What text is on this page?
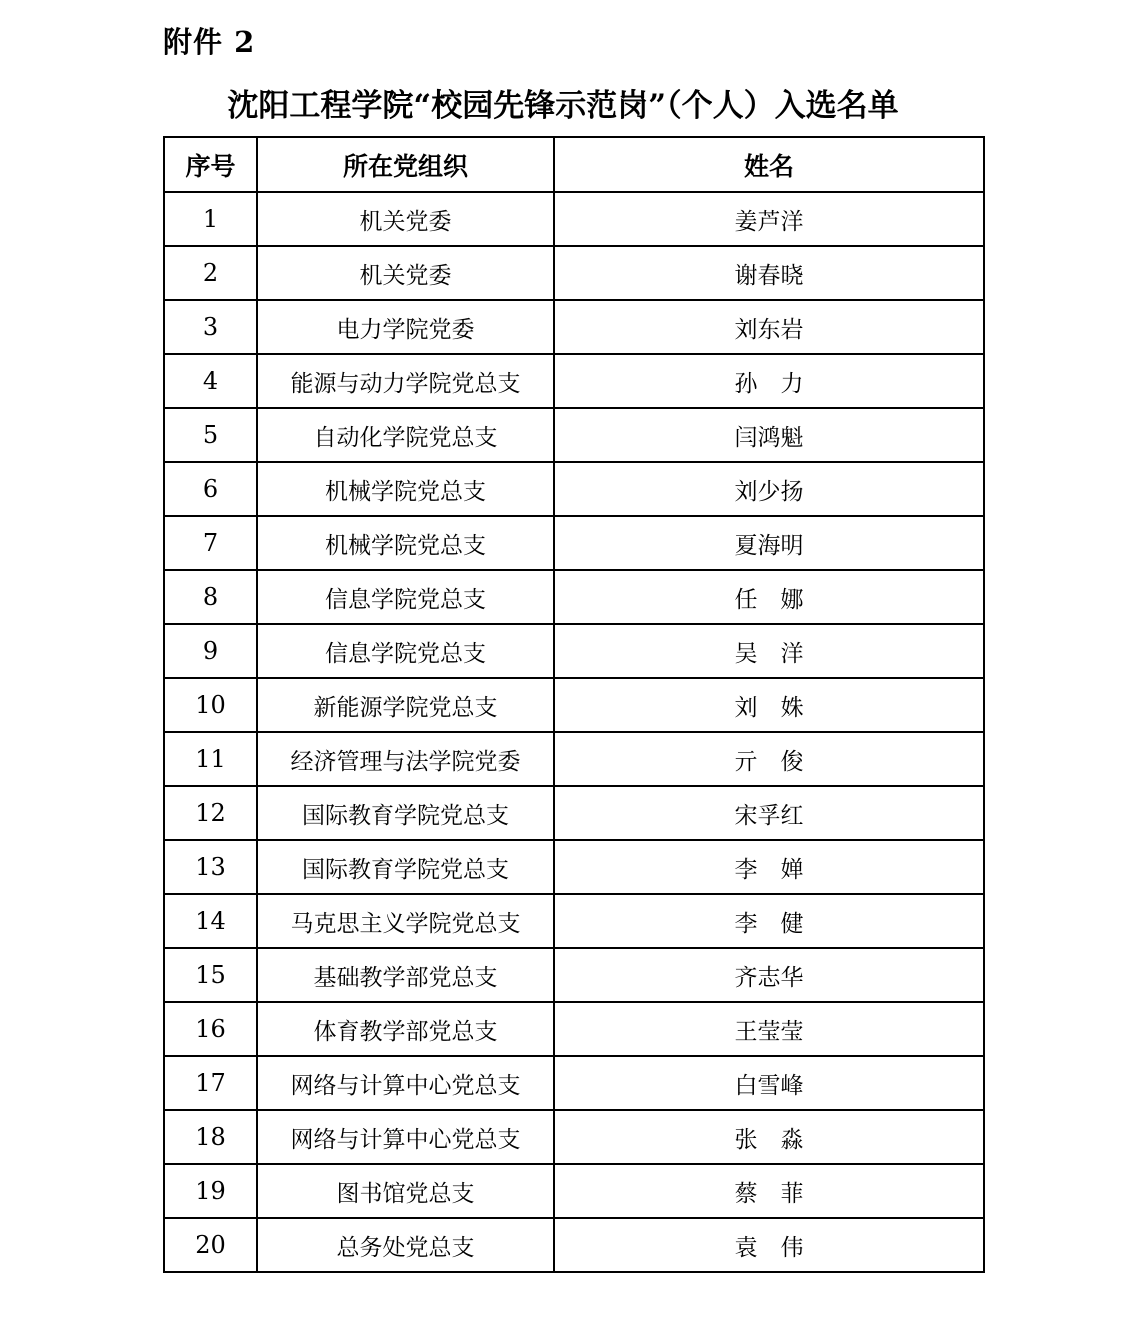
附件 2
沈阳工程学院“校园先锋示范岗”（个人）入选名单
序号	所在党组织	姓名
1	机关党委	姜芦洋
2	机关党委	谢春晓
3	电力学院党委	刘东岩
4	能源与动力学院党总支	孙　力
5	自动化学院党总支	闫鸿魁
6	机械学院党总支	刘少扬
7	机械学院党总支	夏海明
8	信息学院党总支	任　娜
9	信息学院党总支	吴　洋
10	新能源学院党总支	刘　姝
11	经济管理与法学院党委	亓　俊
12	国际教育学院党总支	宋孚红
13	国际教育学院党总支	李　婵
14	马克思主义学院党总支	李　健
15	基础教学部党总支	齐志华
16	体育教学部党总支	王莹莹
17	网络与计算中心党总支	白雪峰
18	网络与计算中心党总支	张　淼
19	图书馆党总支	蔡　菲
20	总务处党总支	袁　伟
